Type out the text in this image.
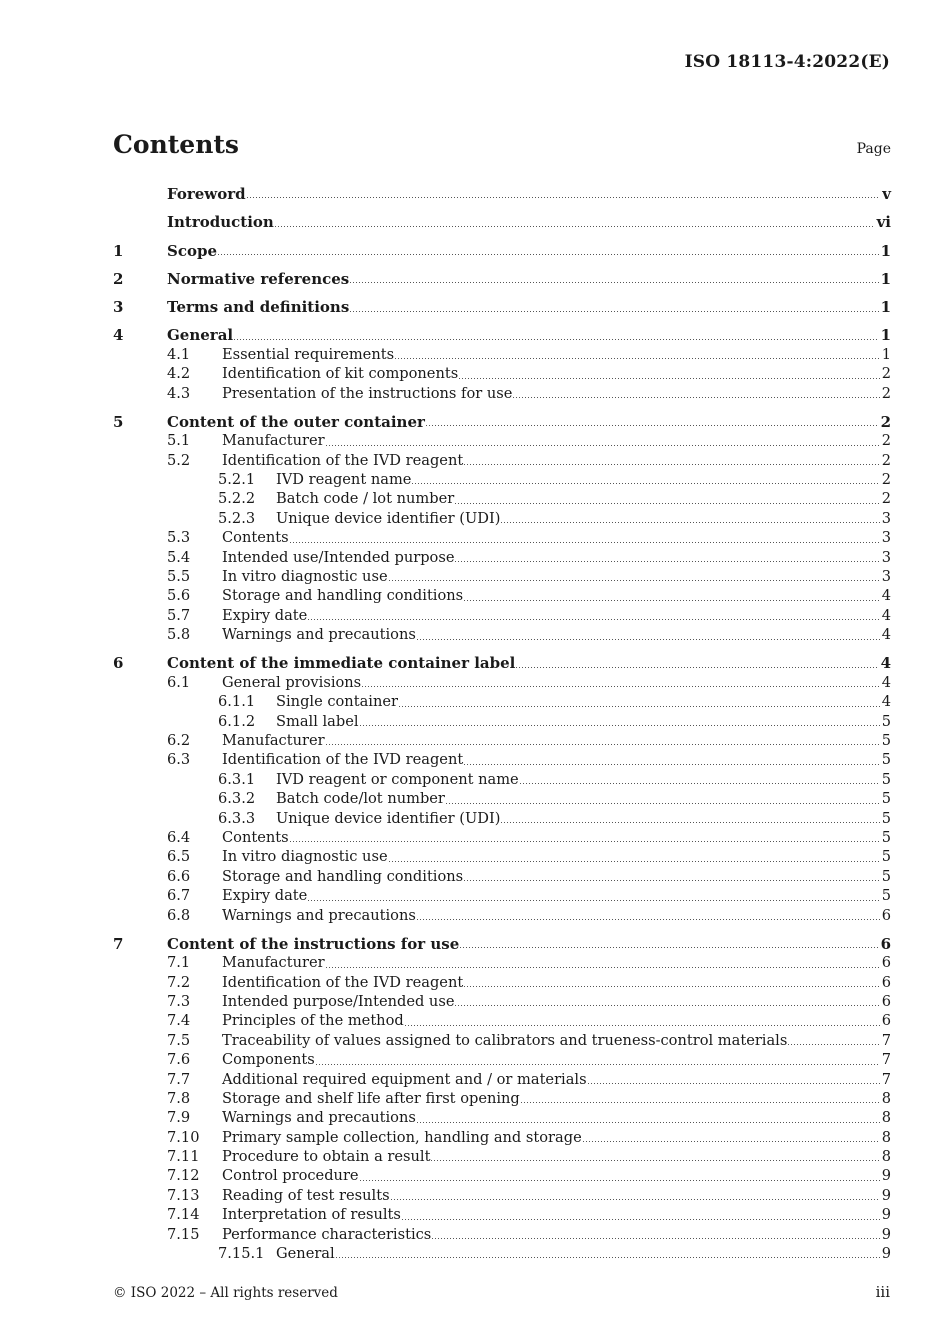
ISO 18113-4:2022(E)
Contents	Page
Foreword	v
Introduction	vi
1	Scope	1
2	Normative references	1
3	Terms and definitions	1
4	General	1
4.1	Essential requirements	1
4.2	Identification of kit components	2
4.3	Presentation of the instructions for use	2
5	Content of the outer container	2
5.1	Manufacturer	2
5.2	Identification of the IVD reagent	2
5.2.1	IVD reagent name	2
5.2.2	Batch code / lot number	2
5.2.3	Unique device identifier (UDI)	3
5.3	Contents	3
5.4	Intended use/Intended purpose	3
5.5	In vitro diagnostic use	3
5.6	Storage and handling conditions	4
5.7	Expiry date	4
5.8	Warnings and precautions	4
6	Content of the immediate container label	4
6.1	General provisions	4
6.1.1	Single container	4
6.1.2	Small label	5
6.2	Manufacturer	5
6.3	Identification of the IVD reagent	5
6.3.1	IVD reagent or component name	5
6.3.2	Batch code/lot number	5
6.3.3	Unique device identifier (UDI)	5
6.4	Contents	5
6.5	In vitro diagnostic use	5
6.6	Storage and handling conditions	5
6.7	Expiry date	5
6.8	Warnings and precautions	6
7	Content of the instructions for use	6
7.1	Manufacturer	6
7.2	Identification of the IVD reagent	6
7.3	Intended purpose/Intended use	6
7.4	Principles of the method	6
7.5	Traceability of values assigned to calibrators and trueness-control materials	7
7.6	Components	7
7.7	Additional required equipment and / or materials	7
7.8	Storage and shelf life after first opening	8
7.9	Warnings and precautions	8
7.10	Primary sample collection, handling and storage	8
7.11	Procedure to obtain a result	8
7.12	Control procedure	9
7.13	Reading of test results	9
7.14	Interpretation of results	9
7.15	Performance characteristics	9
7.15.1 General	9
© ISO 2022 – All rights reserved	iii
